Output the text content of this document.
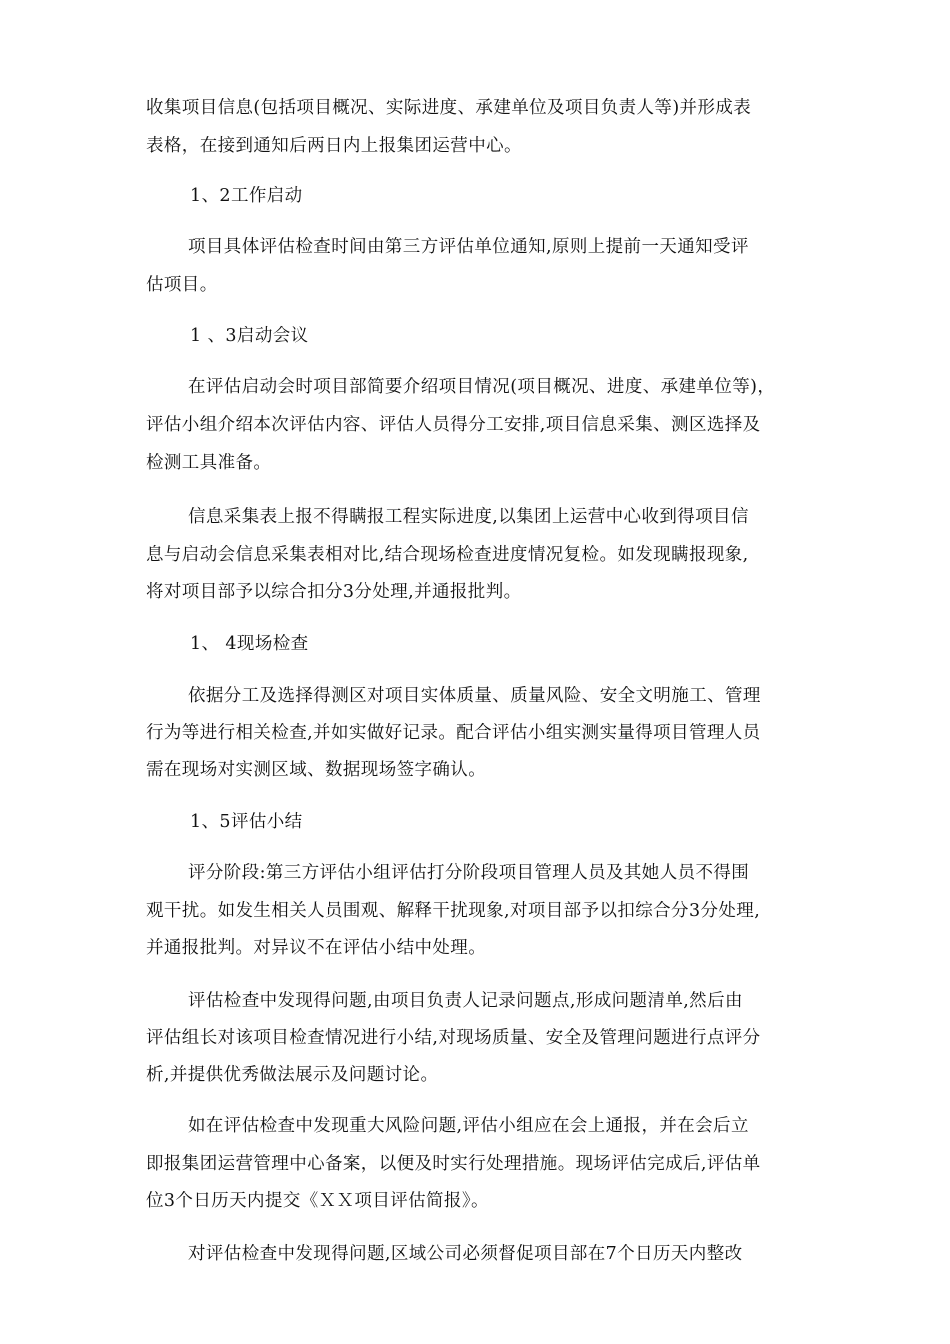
收集项目信息(包括项目概况、实际进度、承建单位及项目负责人等)并形成表
表格，在接到通知后两日内上报集团运营中心。
1、2工作启动
项目具体评估检查时间由第三方评估单位通知,原则上提前一天通知受评
估项目。
1 、3启动会议
在评估启动会时项目部简要介绍项目情况(项目概况、进度、承建单位等)，
评估小组介绍本次评估内容、评估人员得分工安排,项目信息采集、测区选择及
检测工具准备。
信息采集表上报不得瞒报工程实际进度,以集团上运营中心收到得项目信
息与启动会信息采集表相对比,结合现场检查进度情况复检。如发现瞒报现象,
将对项目部予以综合扣分3分处理,并通报批判。
1、 4现场检查
依据分工及选择得测区对项目实体质量、质量风险、安全文明施工、管理
行为等进行相关检查,并如实做好记录。配合评估小组实测实量得项目管理人员
需在现场对实测区域、数据现场签字确认。
1、5评估小结
评分阶段:第三方评估小组评估打分阶段项目管理人员及其她人员不得围
观干扰。如发生相关人员围观、解释干扰现象,对项目部予以扣综合分3分处理,
并通报批判。对异议不在评估小结中处理。
评估检查中发现得问题,由项目负责人记录问题点,形成问题清单,然后由
评估组长对该项目检查情况进行小结,对现场质量、安全及管理问题进行点评分
析,并提供优秀做法展示及问题讨论。
如在评估检查中发现重大风险问题,评估小组应在会上通报，并在会后立
即报集团运营管理中心备案，以便及时实行处理措施。现场评估完成后,评估单
位3个日历天内提交《ＸＸ项目评估简报》。
对评估检查中发现得问题,区域公司必须督促项目部在7个日历天内整改
